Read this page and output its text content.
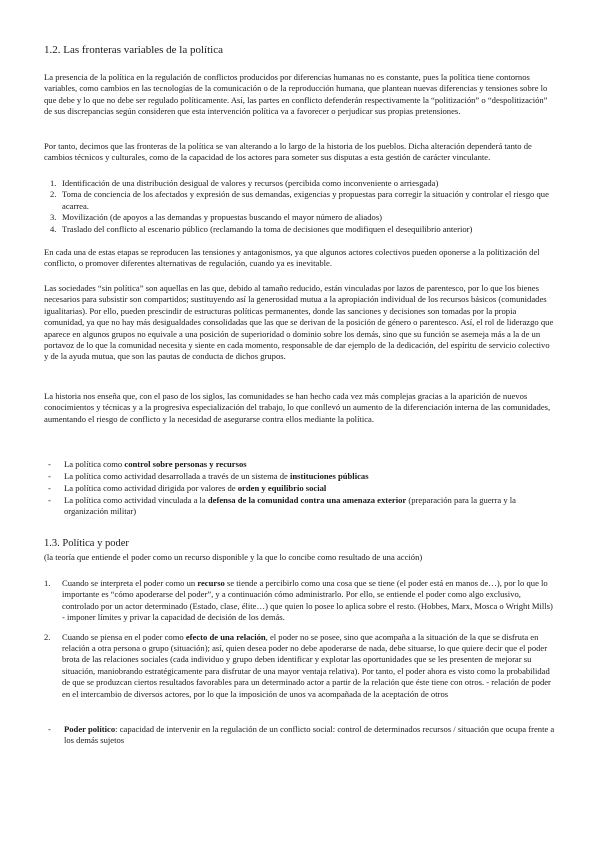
1.2. Las fronteras variables de la política

La presencia de la política en la regulación de conflictos producidos por diferencias humanas no es constante, pues la política tiene contornos variables, como cambios en las tecnologías de la comunicación o de la reproducción humana, que plantean nuevas diferencias y tensiones sobre lo que debe y lo que no debe ser regulado políticamente. Así, las partes en conflicto defenderán respectivamente la “politización” o “despolitización” de sus discrepancias según consideren que esta intervención política va a favorecer o perjudicar sus propias pretensiones.

Por tanto, decimos que las fronteras de la política se van alterando a lo largo de la historia de los pueblos. Dicha alteración dependerá tanto de cambios técnicos y culturales, como de la capacidad de los actores para someter sus disputas a esta gestión de carácter vinculante.

1. Identificación de una distribución desigual de valores y recursos (percibida como inconveniente o arriesgada)
2. Toma de conciencia de los afectados y expresión de sus demandas, exigencias y propuestas para corregir la situación y controlar el riesgo que acarrea.
3. Movilización (de apoyos a las demandas y propuestas buscando el mayor número de aliados)
4. Traslado del conflicto al escenario público (reclamando la toma de decisiones que modifiquen el desequilibrio anterior)

En cada una de estas etapas se reproducen las tensiones y antagonismos, ya que algunos actores colectivos pueden oponerse a la politización del conflicto, o promover diferentes alternativas de regulación, cuando ya es inevitable.

Las sociedades “sin política” son aquellas en las que, debido al tamaño reducido, están vinculadas por lazos de parentesco, por lo que los bienes necesarios para subsistir son compartidos; sustituyendo así la generosidad mutua a la apropiación individual de los recursos básicos (comunidades igualitarias). Por ello, pueden prescindir de estructuras políticas permanentes, donde las sanciones y decisiones son tomadas por la propia comunidad, ya que no hay más desigualdades consolidadas que las que se derivan de la posición de género o parentesco. Así, el rol de liderazgo que aparece en algunos grupos no equivale a una posición de superioridad o dominio sobre los demás, sino que su función se asemeja más a la de un portavoz de lo que la comunidad necesita y siente en cada momento, responsable de dar ejemplo de la dedicación, del espíritu de servicio colectivo y de la ayuda mutua, que son las pautas de conducta de dichos grupos.

La historia nos enseña que, con el paso de los siglos, las comunidades se han hecho cada vez más complejas gracias a la aparición de nuevos conocimientos y técnicas y a la progresiva especialización del trabajo, lo que conllevó un aumento de la diferenciación interna de las comunidades, aumentando el riesgo de conflicto y la necesidad de asegurarse contra ellos mediante la política.

- La política como control sobre personas y recursos
- La política como actividad desarrollada a través de un sistema de instituciones públicas
- La política como actividad dirigida por valores de orden y equilibrio social
- La política como actividad vinculada a la defensa de la comunidad contra una amenaza exterior (preparación para la guerra y la organización militar)
1.3. Política y poder

(la teoría que entiende el poder como un recurso disponible y la que lo concibe como resultado de una acción)

1. Cuando se interpreta el poder como un recurso se tiende a percibirlo como una cosa que se tiene (el poder está en manos de…), por lo que lo importante es “cómo apoderarse del poder”, y a continuación cómo administrarlo. Por ello, se entiende el poder como algo exclusivo, controlado por un actor determinado (Estado, clase, élite…) que quien lo posee lo aplica sobre el resto. (Hobbes, Marx, Mosca o Wright Mills) - imponer límites y privar la capacidad de decisión de los demás.
2. Cuando se piensa en el poder como efecto de una relación, el poder no se posee, sino que acompaña a la situación de la que se disfruta en relación a otra persona o grupo (situación); así, quien desea poder no debe apoderarse de nada, debe situarse, lo que quiere decir que el poder brota de las relaciones sociales (cada individuo y grupo deben identificar y explotar las oportunidades que se les presenten de mejorar su situación, maniobrando estratégicamente para disfrutar de una mayor ventaja relativa). Por tanto, el poder ahora es visto como la probabilidad de que se produzcan ciertos resultados favorables para un determinado actor a partir de la relación que éste tiene con otros. - relación de poder en el intercambio de diversos actores, por lo que la imposición de unos va acompañada de la aceptación de otros
- Poder político: capacidad de intervenir en la regulación de un conflicto social: control de determinados recursos / situación que ocupa frente a los demás sujetos
